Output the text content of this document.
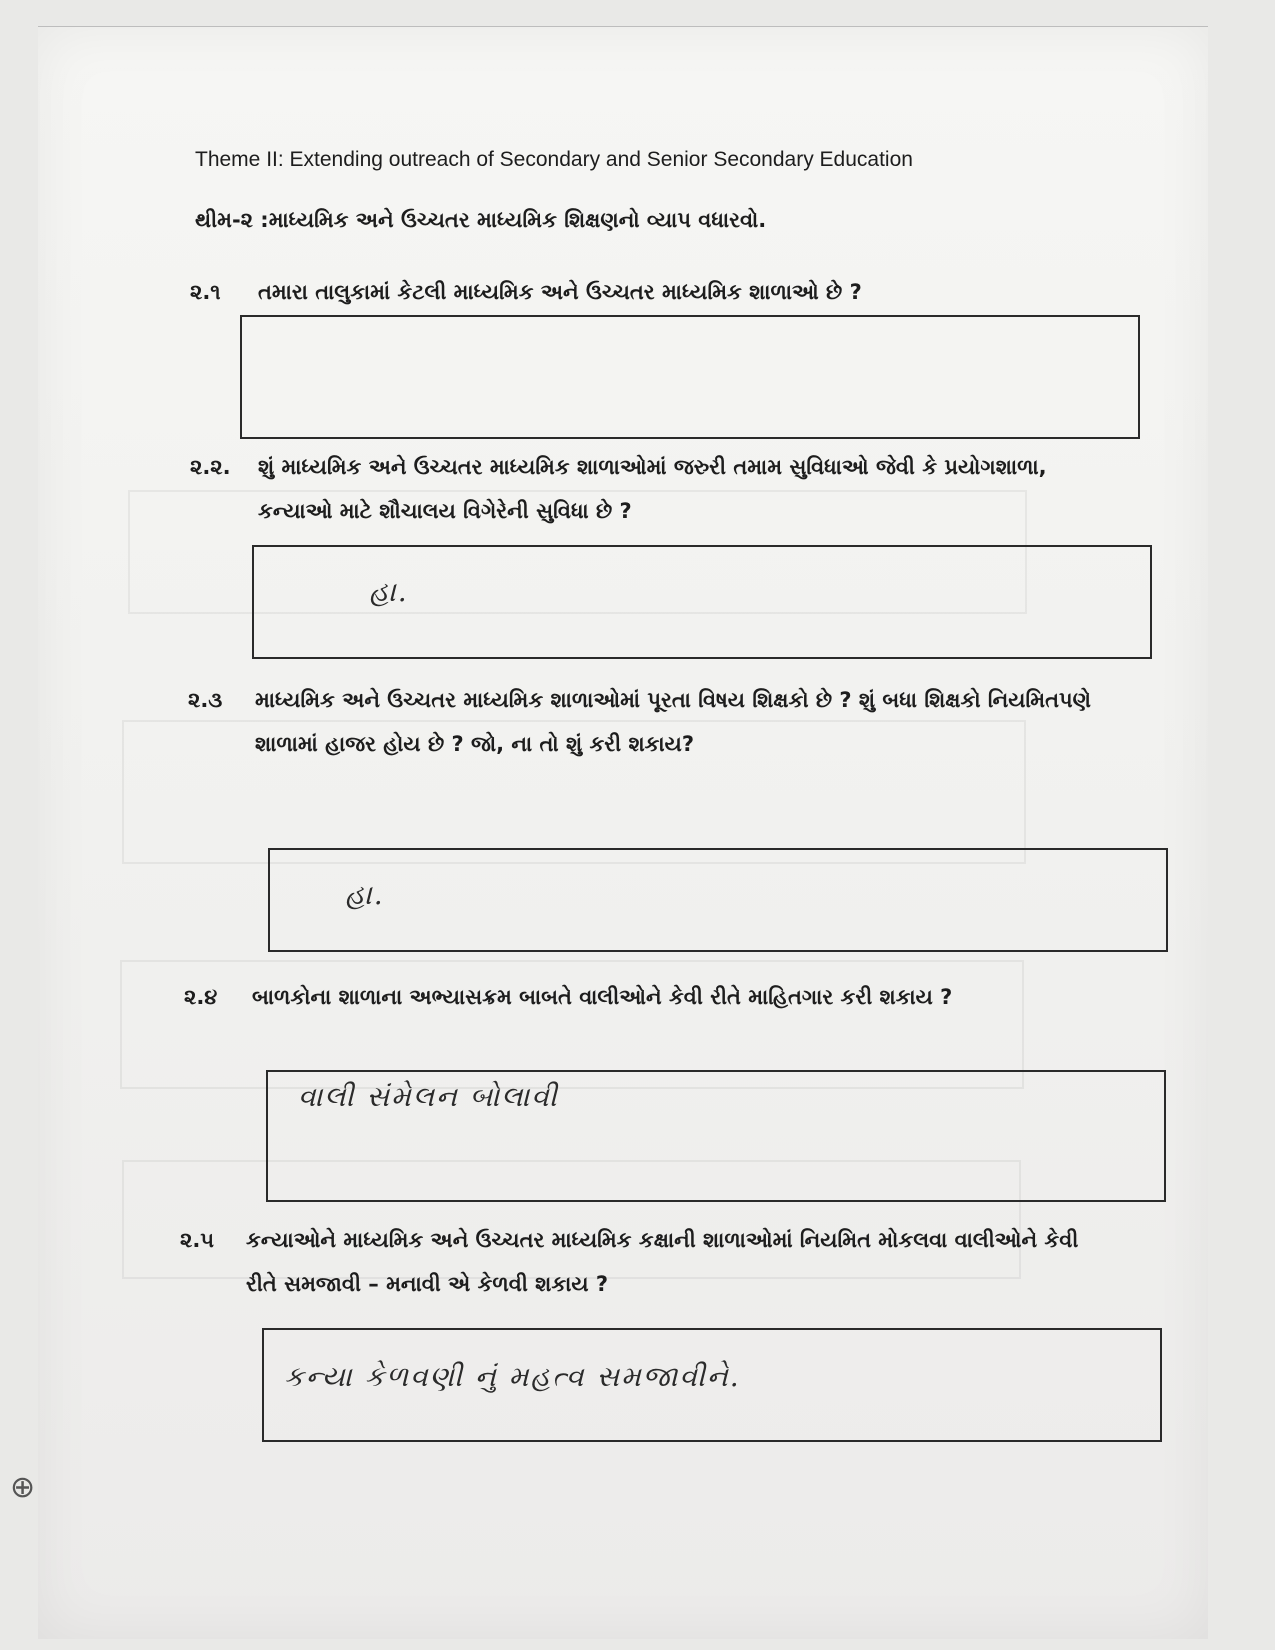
Theme II: Extending outreach of Secondary and Senior Secondary Education
થીમ-૨ :માધ્યમિક અને ઉચ્ચતર માધ્યમિક શિક્ષણનો વ્યાપ વધારવો.
૨.૧ તમારા તાલુકામાં કેટલી માધ્યમિક અને ઉચ્ચતર માધ્યમિક શાળાઓ છે ?
૨.૨. શું માધ્યમિક અને ઉચ્ચતર માધ્યમિક શાળાઓમાં જરુરી તમામ સુવિધાઓ જેવી કે પ્રયોગશાળા, કન્યાઓ માટે શૌચાલય વિગેરેની સુવિધા છે ?
હા.
૨.૩ માધ્યમિક અને ઉચ્ચતર માધ્યમિક શાળાઓમાં પૂરતા વિષય શિક્ષકો છે ? શું બધા શિક્ષકો નિયમિતપણે શાળામાં હાજર હોય છે ? જો, ના તો શું કરી શકાય?
હા.
૨.૪ બાળકોના શાળાના અભ્યાસક્રમ બાબતે વાલીઓને કેવી રીતે માહિતગાર કરી શકાય ?
વાલી સંમેલન બોલાવી
૨.૫ કન્યાઓને માધ્યમિક અને ઉચ્ચતર માધ્યમિક કક્ષાની શાળાઓમાં નિયમિત મોકલવા વાલીઓને કેવી રીતે સમજાવી – મનાવી એ કેળવી શકાય ?
કન્યા કેળવણી નું મહત્વ સમજાવીને.
⊕
